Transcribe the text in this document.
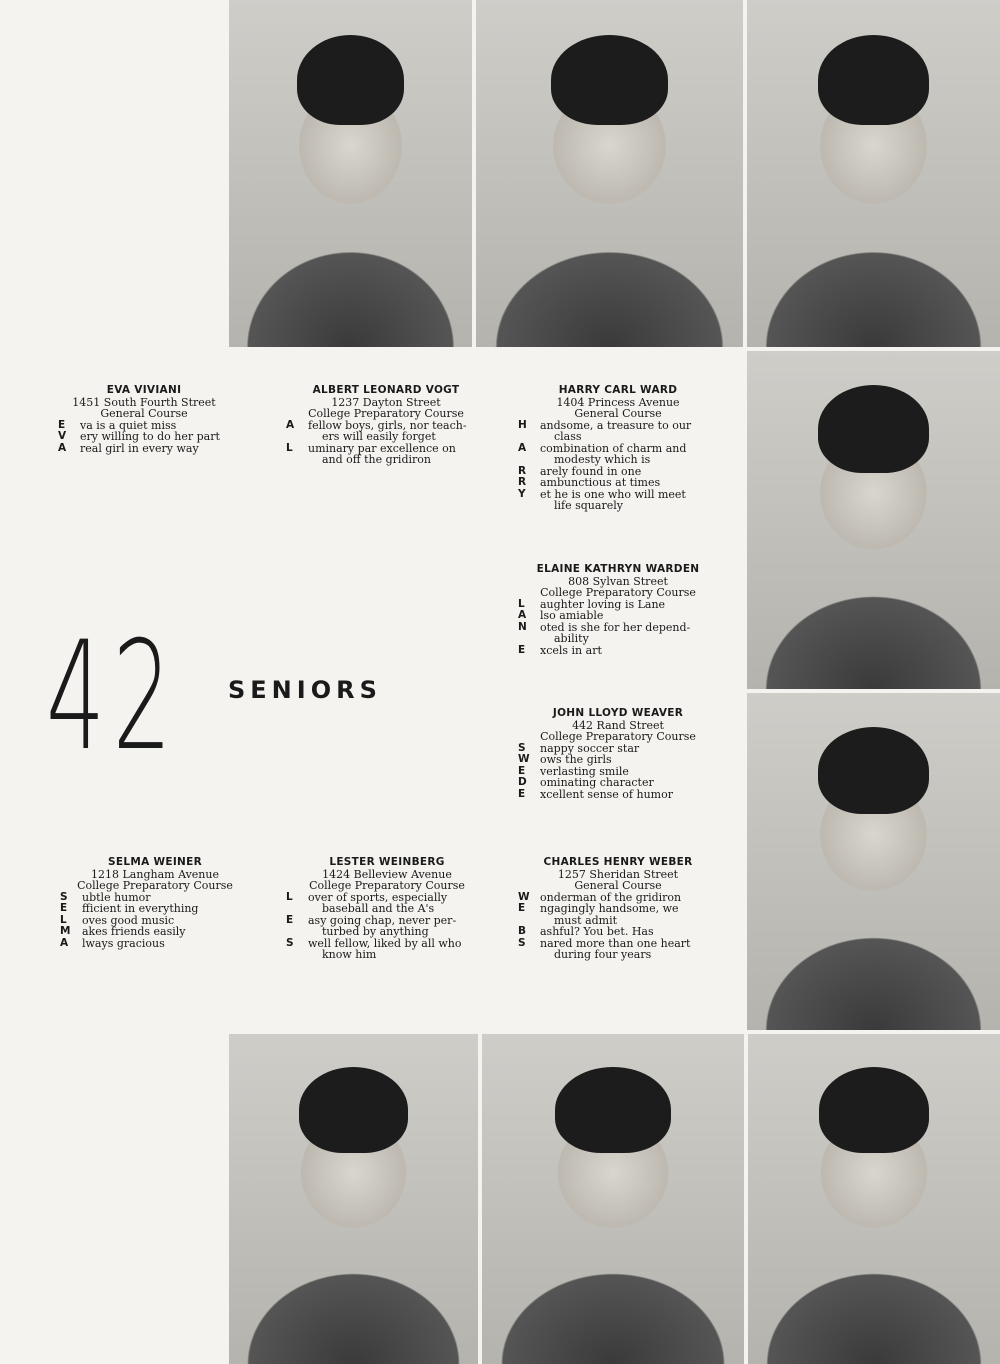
42 SENIORS
EVA VIVIANI
1451 South Fourth Street
General Course
E	va is a quiet miss
V	ery willing to do her part
A	real girl in every way
ALBERT LEONARD VOGT
1237 Dayton Street
College Preparatory Course
A	fellow boys, girls, nor teach-
ers will easily forget
L	uminary par excellence on
and off the gridiron
HARRY CARL WARD
1404 Princess Avenue
General Course
H	andsome, a treasure to our
class
A	combination of charm and
modesty which is
R	arely found in one
R	ambunctious at times
Y	et he is one who will meet
life squarely
ELAINE KATHRYN WARDEN
808 Sylvan Street
College Preparatory Course
L	aughter loving is Lane
A	lso amiable
N	oted is she for her depend-
ability
E	xcels in art
JOHN LLOYD WEAVER
442 Rand Street
College Preparatory Course
S	nappy soccer star
W ows the girls
E	verlasting smile
D	ominating character
E	xcellent sense of humor
SELMA WEINER
1218 Langham Avenue
College Preparatory Course
S	ubtle humor
E	fficient in everything
L	oves good music
M	akes friends easily
A	lways gracious
LESTER WEINBERG
1424 Belleview Avenue
College Preparatory Course
L	over of sports, especially
baseball and the A's
E	asy going chap, never per-
turbed by anything
S	well fellow, liked by all who
know him
CHARLES HENRY WEBER
1257 Sheridan Street
General Course
W onderman of the gridiron
E	ngagingly handsome, we
must admit
B	ashful? You bet. Has
S	nared more than one heart
during four years
